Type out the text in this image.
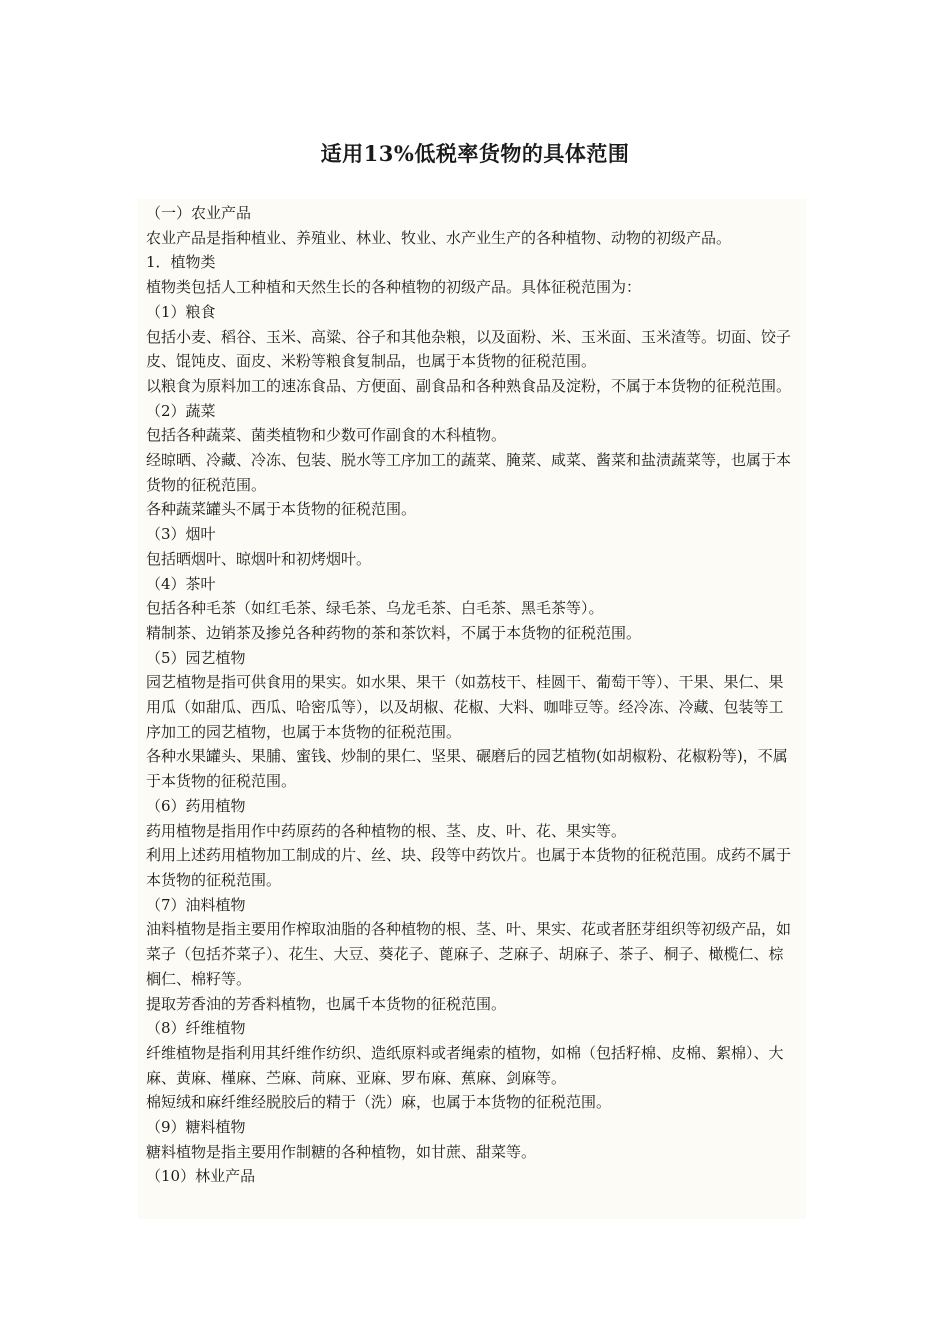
适用13%低税率货物的具体范围

（一）农业产品

农业产品是指种植业、养殖业、林业、牧业、水产业生产的各种植物、动物的初级产品。

1．植物类

植物类包括人工种植和天然生长的各种植物的初级产品。具体征税范围为：

（1）粮食

包括小麦、稻谷、玉米、高粱、谷子和其他杂粮，以及面粉、米、玉米面、玉米渣等。切面、饺子皮、馄饨皮、面皮、米粉等粮食复制品，也属于本货物的征税范围。

以粮食为原料加工的速冻食品、方便面、副食品和各种熟食品及淀粉，不属于本货物的征税范围。

（2）蔬菜

包括各种蔬菜、菌类植物和少数可作副食的木科植物。

经晾晒、冷藏、冷冻、包装、脱水等工序加工的蔬菜、腌菜、咸菜、酱菜和盐渍蔬菜等，也属于本货物的征税范围。

各种蔬菜罐头不属于本货物的征税范围。

（3）烟叶

包括晒烟叶、晾烟叶和初烤烟叶。

（4）茶叶

包括各种毛茶（如红毛茶、绿毛茶、乌龙毛茶、白毛茶、黑毛茶等）。

精制茶、边销茶及掺兑各种药物的茶和茶饮料，不属于本货物的征税范围。

（5）园艺植物

园艺植物是指可供食用的果实。如水果、果干（如荔枝干、桂圆干、葡萄干等）、干果、果仁、果用瓜（如甜瓜、西瓜、哈密瓜等），以及胡椒、花椒、大料、咖啡豆等。经冷冻、冷藏、包装等工序加工的园艺植物，也属于本货物的征税范围。

各种水果罐头、果脯、蜜钱、炒制的果仁、坚果、碾磨后的园艺植物(如胡椒粉、花椒粉等)，不属于本货物的征税范围。

（6）药用植物

药用植物是指用作中药原药的各种植物的根、茎、皮、叶、花、果实等。

利用上述药用植物加工制成的片、丝、块、段等中药饮片。也属于本货物的征税范围。成药不属于本货物的征税范围。

（7）油料植物

油料植物是指主要用作榨取油脂的各种植物的根、茎、叶、果实、花或者胚芽组织等初级产品，如菜子（包括芥菜子）、花生、大豆、葵花子、蓖麻子、芝麻子、胡麻子、茶子、桐子、橄榄仁、棕榈仁、棉籽等。

提取芳香油的芳香料植物，也属千本货物的征税范围。

（8）纤维植物

纤维植物是指利用其纤维作纺织、造纸原料或者绳索的植物，如棉（包括籽棉、皮棉、絮棉）、大麻、黄麻、槿麻、苎麻、苘麻、亚麻、罗布麻、蕉麻、剑麻等。

棉短绒和麻纤维经脱胶后的精于（洗）麻，也属于本货物的征税范围。

（9）糖料植物

糖料植物是指主要用作制糖的各种植物，如甘蔗、甜菜等。

（10）林业产品
